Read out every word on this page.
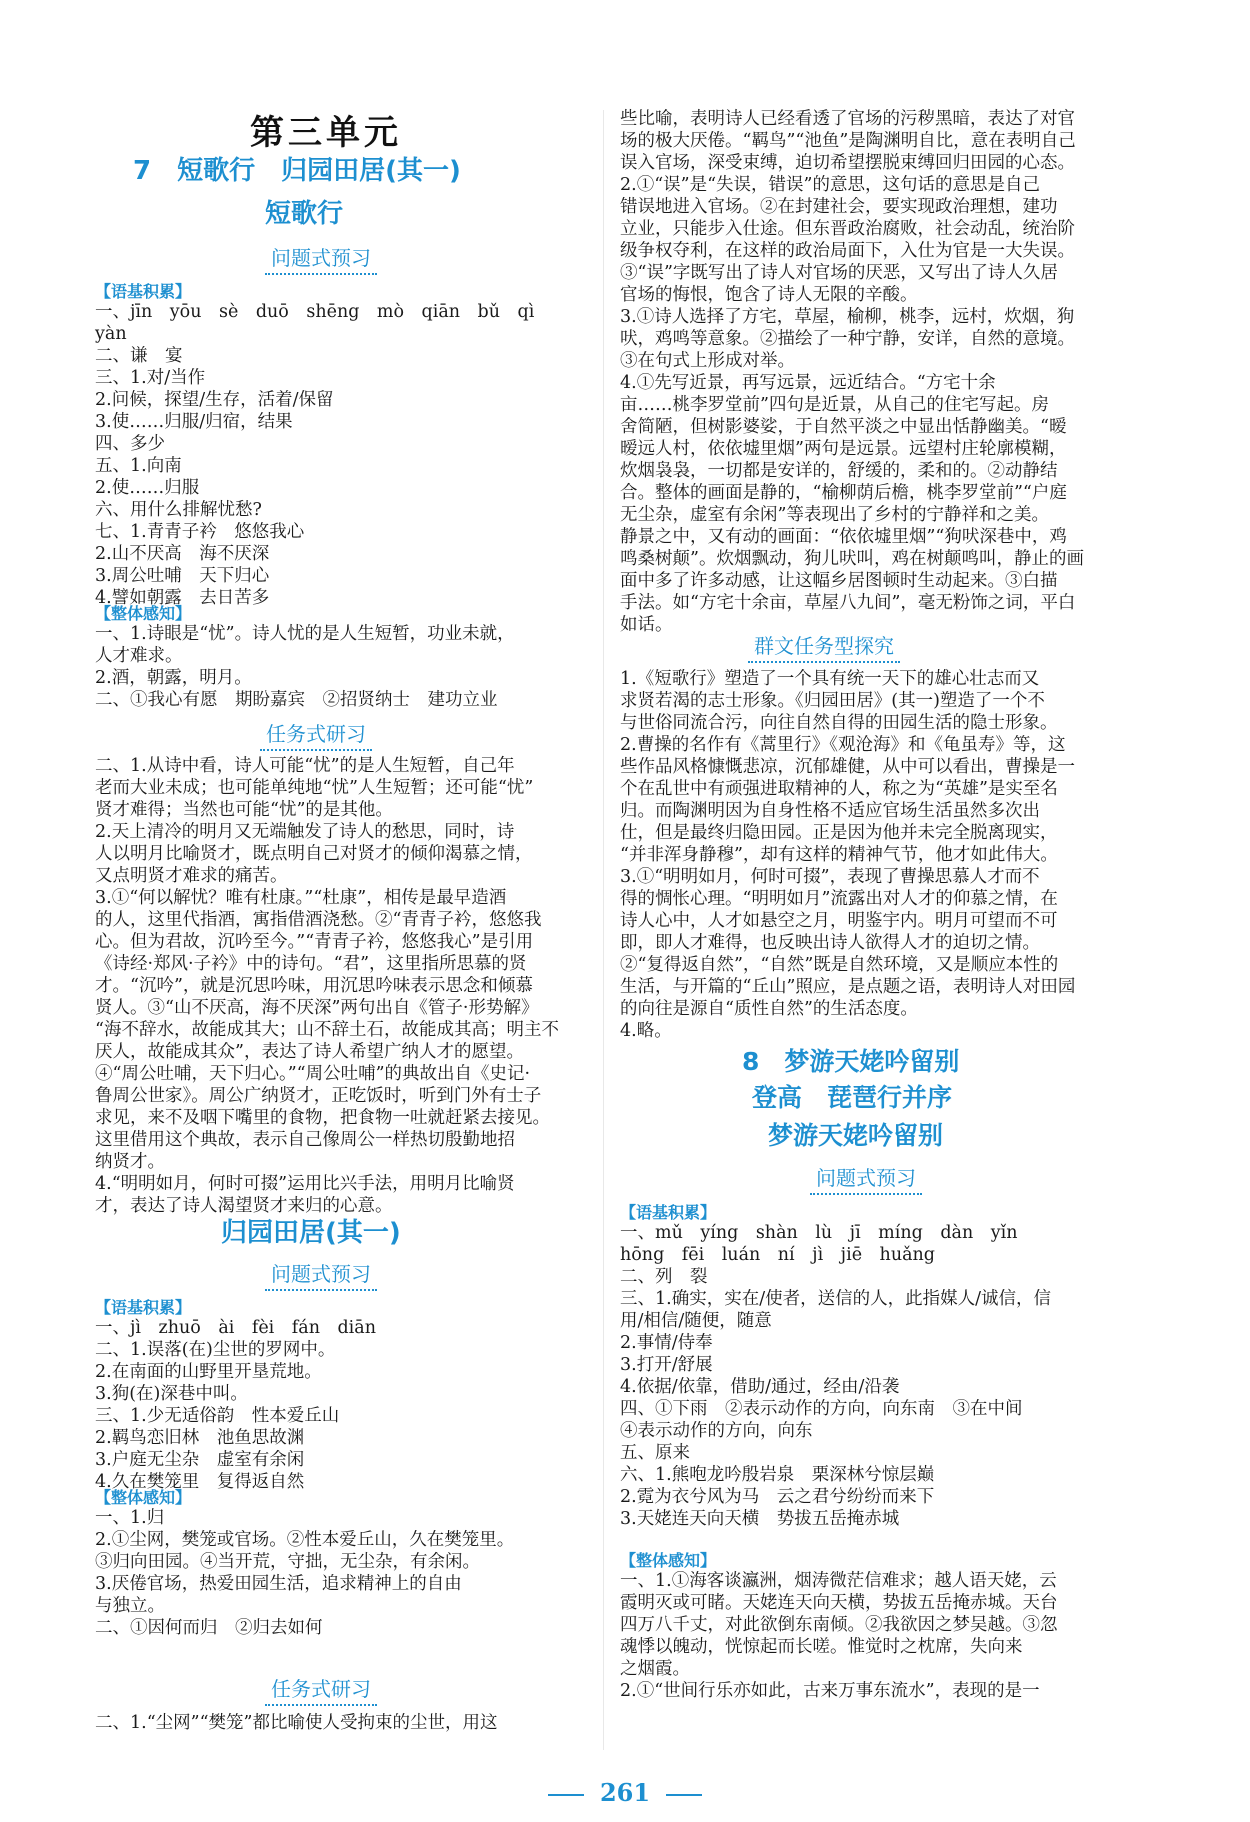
第三单元
7　短歌行　归园田居(其一)
短歌行
问题式预习
【语基积累】
一、jīn　yōu　sè　duō　shēng　mò　qiān　bǔ　qì
yàn
二、谦　宴
三、1.对/当作
2.问候，探望/生存，活着/保留
3.使……归服/归宿，结果
四、多少
五、1.向南
2.使……归服
六、用什么排解忧愁?
七、1.青青子衿　悠悠我心
2.山不厌高　海不厌深
3.周公吐哺　天下归心
4.譬如朝露　去日苦多
【整体感知】
一、1.诗眼是“忧”。诗人忧的是人生短暂，功业未就，
人才难求。
2.酒，朝露，明月。
二、①我心有愿　期盼嘉宾　②招贤纳士　建功立业
任务式研习
二、1.从诗中看，诗人可能“忧”的是人生短暂，自己年
老而大业未成；也可能单纯地“忧”人生短暂；还可能“忧”
贤才难得；当然也可能“忧”的是其他。
2.天上清冷的明月又无端触发了诗人的愁思，同时，诗
人以明月比喻贤才，既点明自己对贤才的倾仰渴慕之情，
又点明贤才难求的痛苦。
3.①“何以解忧？唯有杜康。”“杜康”，相传是最早造酒
的人，这里代指酒，寓指借酒浇愁。②“青青子衿，悠悠我
心。但为君故，沉吟至今。”“青青子衿，悠悠我心”是引用
《诗经·郑风·子衿》中的诗句。“君”，这里指所思慕的贤
才。“沉吟”，就是沉思吟味，用沉思吟味表示思念和倾慕
贤人。③“山不厌高，海不厌深”两句出自《管子·形势解》
“海不辞水，故能成其大；山不辞土石，故能成其高；明主不
厌人，故能成其众”，表达了诗人希望广纳人才的愿望。
④“周公吐哺，天下归心。”“周公吐哺”的典故出自《史记·
鲁周公世家》。周公广纳贤才，正吃饭时，听到门外有士子
求见，来不及咽下嘴里的食物，把食物一吐就赶紧去接见。
这里借用这个典故，表示自己像周公一样热切殷勤地招
纳贤才。
4.“明明如月，何时可掇”运用比兴手法，用明月比喻贤
才，表达了诗人渴望贤才来归的心意。
归园田居(其一)
问题式预习
【语基积累】
一、jì　zhuō　ài　fèi　fán　diān
二、1.误落(在)尘世的罗网中。
2.在南面的山野里开垦荒地。
3.狗(在)深巷中叫。
三、1.少无适俗韵　性本爱丘山
2.羁鸟恋旧林　池鱼思故渊
3.户庭无尘杂　虚室有余闲
4.久在樊笼里　复得返自然
【整体感知】
一、1.归
2.①尘网，樊笼或官场。②性本爱丘山，久在樊笼里。
③归向田园。④当开荒，守拙，无尘杂，有余闲。
3.厌倦官场，热爱田园生活，追求精神上的自由
与独立。
二、①因何而归　②归去如何
任务式研习
二、1.“尘网”“樊笼”都比喻使人受拘束的尘世，用这
些比喻，表明诗人已经看透了官场的污秽黑暗，表达了对官
场的极大厌倦。“羁鸟”“池鱼”是陶渊明自比，意在表明自己
误入官场，深受束缚，迫切希望摆脱束缚回归田园的心态。
2.①“误”是“失误，错误”的意思，这句话的意思是自己
错误地进入官场。②在封建社会，要实现政治理想，建功
立业，只能步入仕途。但东晋政治腐败，社会动乱，统治阶
级争权夺利，在这样的政治局面下，入仕为官是一大失误。
③“误”字既写出了诗人对官场的厌恶，又写出了诗人久居
官场的悔恨，饱含了诗人无限的辛酸。
3.①诗人选择了方宅，草屋，榆柳，桃李，远村，炊烟，狗
吠，鸡鸣等意象。②描绘了一种宁静，安详，自然的意境。
③在句式上形成对举。
4.①先写近景，再写远景，远近结合。“方宅十余
亩……桃李罗堂前”四句是近景，从自己的住宅写起。房
舍简陋，但树影婆娑，于自然平淡之中显出恬静幽美。“暧
暧远人村，依依墟里烟”两句是远景。远望村庄轮廓模糊，
炊烟袅袅，一切都是安详的，舒缓的，柔和的。②动静结
合。整体的画面是静的，“榆柳荫后檐，桃李罗堂前”“户庭
无尘杂，虚室有余闲”等表现出了乡村的宁静祥和之美。
静景之中，又有动的画面：“依依墟里烟”“狗吠深巷中，鸡
鸣桑树颠”。炊烟飘动，狗儿吠叫，鸡在树颠鸣叫，静止的画
面中多了许多动感，让这幅乡居图顿时生动起来。③白描
手法。如“方宅十余亩，草屋八九间”，毫无粉饰之词，平白
如话。
群文任务型探究
1.《短歌行》塑造了一个具有统一天下的雄心壮志而又
求贤若渴的志士形象。《归园田居》(其一)塑造了一个不
与世俗同流合污，向往自然自得的田园生活的隐士形象。
2.曹操的名作有《蒿里行》《观沧海》和《龟虽寿》等，这
些作品风格慷慨悲凉，沉郁雄健，从中可以看出，曹操是一
个在乱世中有顽强进取精神的人，称之为“英雄”是实至名
归。而陶渊明因为自身性格不适应官场生活虽然多次出
仕，但是最终归隐田园。正是因为他并未完全脱离现实，
“并非浑身静穆”，却有这样的精神气节，他才如此伟大。
3.①“明明如月，何时可掇”，表现了曹操思慕人才而不
得的惆怅心理。“明明如月”流露出对人才的仰慕之情，在
诗人心中，人才如悬空之月，明鉴宇内。明月可望而不可
即，即人才难得，也反映出诗人欲得人才的迫切之情。
②“复得返自然”，“自然”既是自然环境，又是顺应本性的
生活，与开篇的“丘山”照应，是点题之语，表明诗人对田园
的向往是源自“质性自然”的生活态度。
4.略。
8　梦游天姥吟留别
登高　琵琶行并序
梦游天姥吟留别
问题式预习
【语基积累】
一、mǔ　yíng　shàn　lù　jī　míng　dàn　yǐn
hōng　fēi　luán　ní　jì　jiē　huǎng
二、列　裂
三、1.确实，实在/使者，送信的人，此指媒人/诚信，信
用/相信/随便，随意
2.事情/侍奉
3.打开/舒展
4.依据/依靠，借助/通过，经由/沿袭
四、①下雨　②表示动作的方向，向东南　③在中间
④表示动作的方向，向东
五、原来
六、1.熊咆龙吟殷岩泉　栗深林兮惊层巅
2.霓为衣兮风为马　云之君兮纷纷而来下
3.天姥连天向天横　势拔五岳掩赤城
【整体感知】
一、1.①海客谈瀛洲，烟涛微茫信难求；越人语天姥，云
霞明灭或可睹。天姥连天向天横，势拔五岳掩赤城。天台
四万八千丈，对此欲倒东南倾。②我欲因之梦吴越。③忽
魂悸以魄动，恍惊起而长嗟。惟觉时之枕席，失向来
之烟霞。
2.①“世间行乐亦如此，古来万事东流水”，表现的是一
261
